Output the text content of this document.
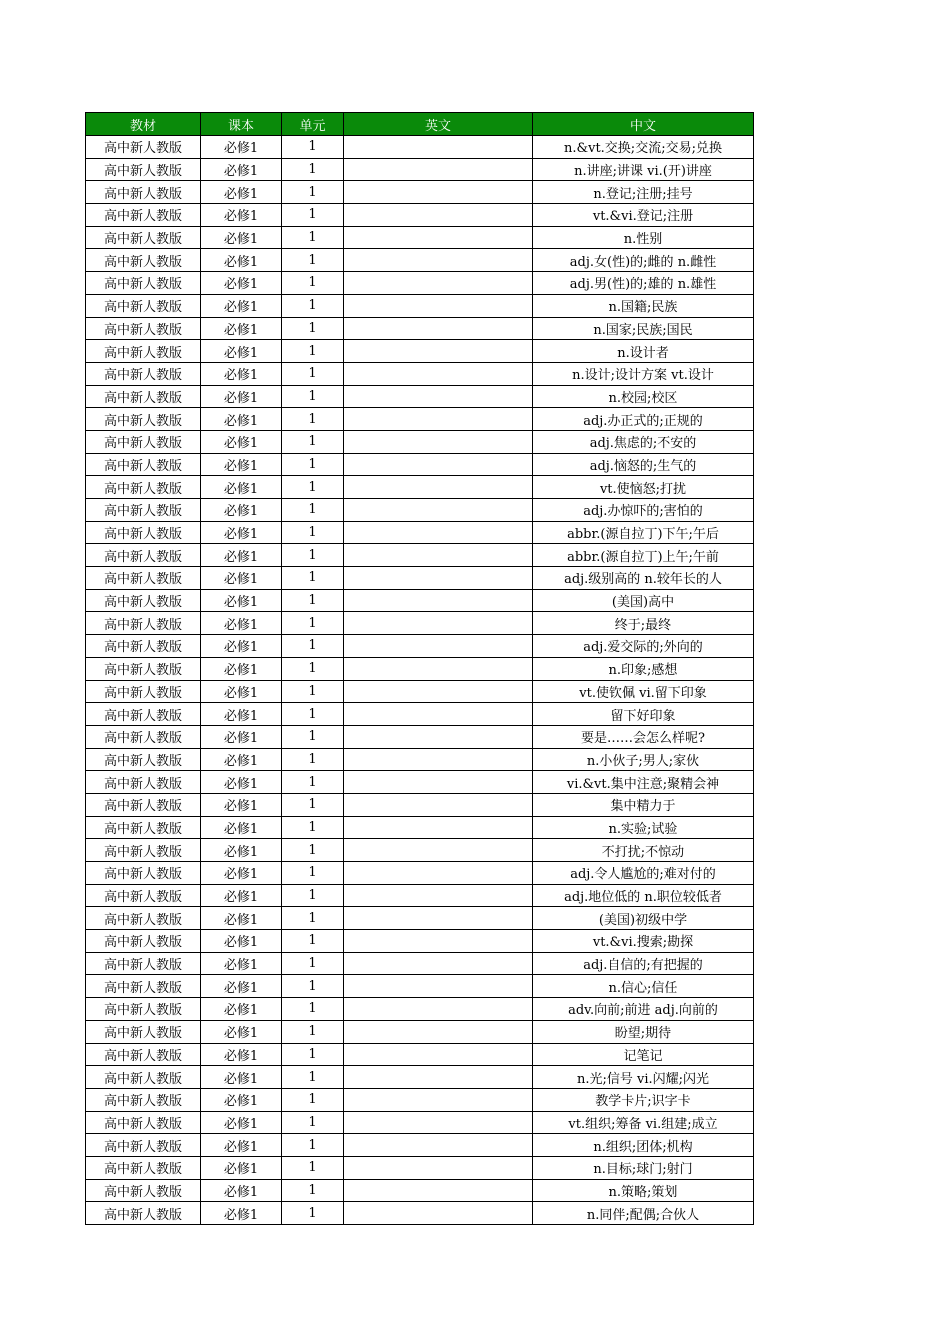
教材	课本	单元	英文	中文
高中新人教版	必修1	1		n.&vt.交换;交流;交易;兑换
高中新人教版	必修1	1		n.讲座;讲课 vi.(开)讲座
高中新人教版	必修1	1		n.登记;注册;挂号
高中新人教版	必修1	1		vt.&vi.登记;注册
高中新人教版	必修1	1		n.性别
高中新人教版	必修1	1		adj.女(性)的;雌的 n.雌性
高中新人教版	必修1	1		adj.男(性)的;雄的 n.雄性
高中新人教版	必修1	1		n.国籍;民族
高中新人教版	必修1	1		n.国家;民族;国民
高中新人教版	必修1	1		n.设计者
高中新人教版	必修1	1		n.设计;设计方案 vt.设计
高中新人教版	必修1	1		n.校园;校区
高中新人教版	必修1	1		adj.办正式的;正规的
高中新人教版	必修1	1		adj.焦虑的;不安的
高中新人教版	必修1	1		adj.恼怒的;生气的
高中新人教版	必修1	1		vt.使恼怒;打扰
高中新人教版	必修1	1		adj.办惊吓的;害怕的
高中新人教版	必修1	1		abbr.(源自拉丁)下午;午后
高中新人教版	必修1	1		abbr.(源自拉丁)上午;午前
高中新人教版	必修1	1		adj.级别高的 n.较年长的人
高中新人教版	必修1	1		(美国)高中
高中新人教版	必修1	1		终于;最终
高中新人教版	必修1	1		adj.爱交际的;外向的
高中新人教版	必修1	1		n.印象;感想
高中新人教版	必修1	1		vt.使钦佩 vi.留下印象
高中新人教版	必修1	1		留下好印象
高中新人教版	必修1	1		要是……会怎么样呢?
高中新人教版	必修1	1		n.小伙子;男人;家伙
高中新人教版	必修1	1		vi.&vt.集中注意;聚精会神
高中新人教版	必修1	1		集中精力于
高中新人教版	必修1	1		n.实验;试验
高中新人教版	必修1	1		不打扰;不惊动
高中新人教版	必修1	1		adj.令人尴尬的;难对付的
高中新人教版	必修1	1		adj.地位低的 n.职位较低者
高中新人教版	必修1	1		(美国)初级中学
高中新人教版	必修1	1		vt.&vi.搜索;勘探
高中新人教版	必修1	1		adj.自信的;有把握的
高中新人教版	必修1	1		n.信心;信任
高中新人教版	必修1	1		adv.向前;前进 adj.向前的
高中新人教版	必修1	1		盼望;期待
高中新人教版	必修1	1		记笔记
高中新人教版	必修1	1		n.光;信号 vi.闪耀;闪光
高中新人教版	必修1	1		教学卡片;识字卡
高中新人教版	必修1	1		vt.组织;筹备 vi.组建;成立
高中新人教版	必修1	1		n.组织;团体;机构
高中新人教版	必修1	1		n.目标;球门;射门
高中新人教版	必修1	1		n.策略;策划
高中新人教版	必修1	1		n.同伴;配偶;合伙人
